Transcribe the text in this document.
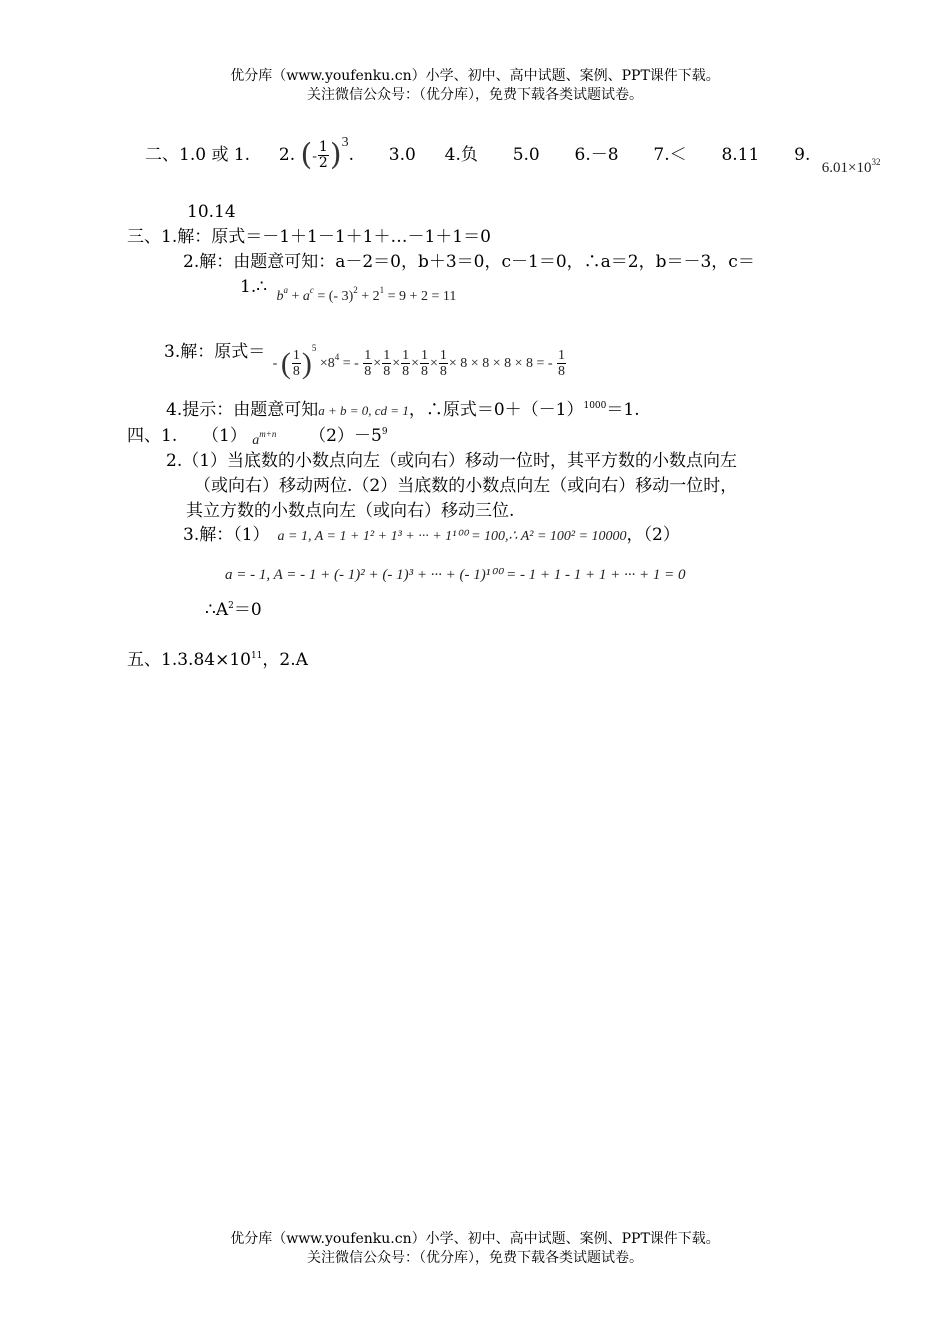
优分库（www.youfenku.cn）小学、初中、高中试题、案例、PPT课件下载。
关注微信公众号：（优分库），免费下载各类试题试卷。
二、1.0 或 1. 2. (- $\frac{1}{2} )^3$. 3.0 4.负 5.0 6.－8 7.＜ 8.11 9. $6.01\times 10^{32}$
10.14
三、1.解：原式＝－1＋1－1＋1＋…－1＋1＝0
2.解：由题意可知：a－2＝0，b＋3＝0，c－1＝0，∴a＝2，b＝－3，c＝
1.∴ $_{b^a + a^c = (- 3)^2 + 2^1 = 9 + 2 = 11}$
3.解：原式＝ $_{- ( \frac{1}{8} )^5 \times 8^4 = - \frac{1}{8} \times \frac{1}{8} \times \frac{1}{8} \times \frac{1}{8} \times \frac{1}{8} \times 8 \times 8 \times 8 \times 8 = - \frac{1}{8}}$
4.提示：由题意可知a + b = 0, cd = 1，∴原式$=0+(-1)^{1000}=1$.
四、1. （1） $a^{m+n}$ $(2)-5^9$
2.（1）当底数的小数点向左（或向右）移动一位时，其平方数的小数点向左
（或向右）移动两位.（2）当底数的小数点向左（或向右）移动一位时，
其立方数的小数点向左（或向右）移动三位.
3.解：（1） a = 1, A = 1 + 1² + 1³ + ··· + 1¹⁰⁰ = 100,∴ A² = 100² = 10000，（2）
a = - 1, A = - 1 + (- 1)² + (- 1)³ + ··· + (- 1)¹⁰⁰ = - 1 + 1 - 1 + 1 + ··· + 1 = 0
$\therefore A^2=0$
五、$1.3.84\times 10^{11}$，2.A
优分库（www.youfenku.cn）小学、初中、高中试题、案例、PPT课件下载。
关注微信公众号：（优分库），免费下载各类试题试卷。
